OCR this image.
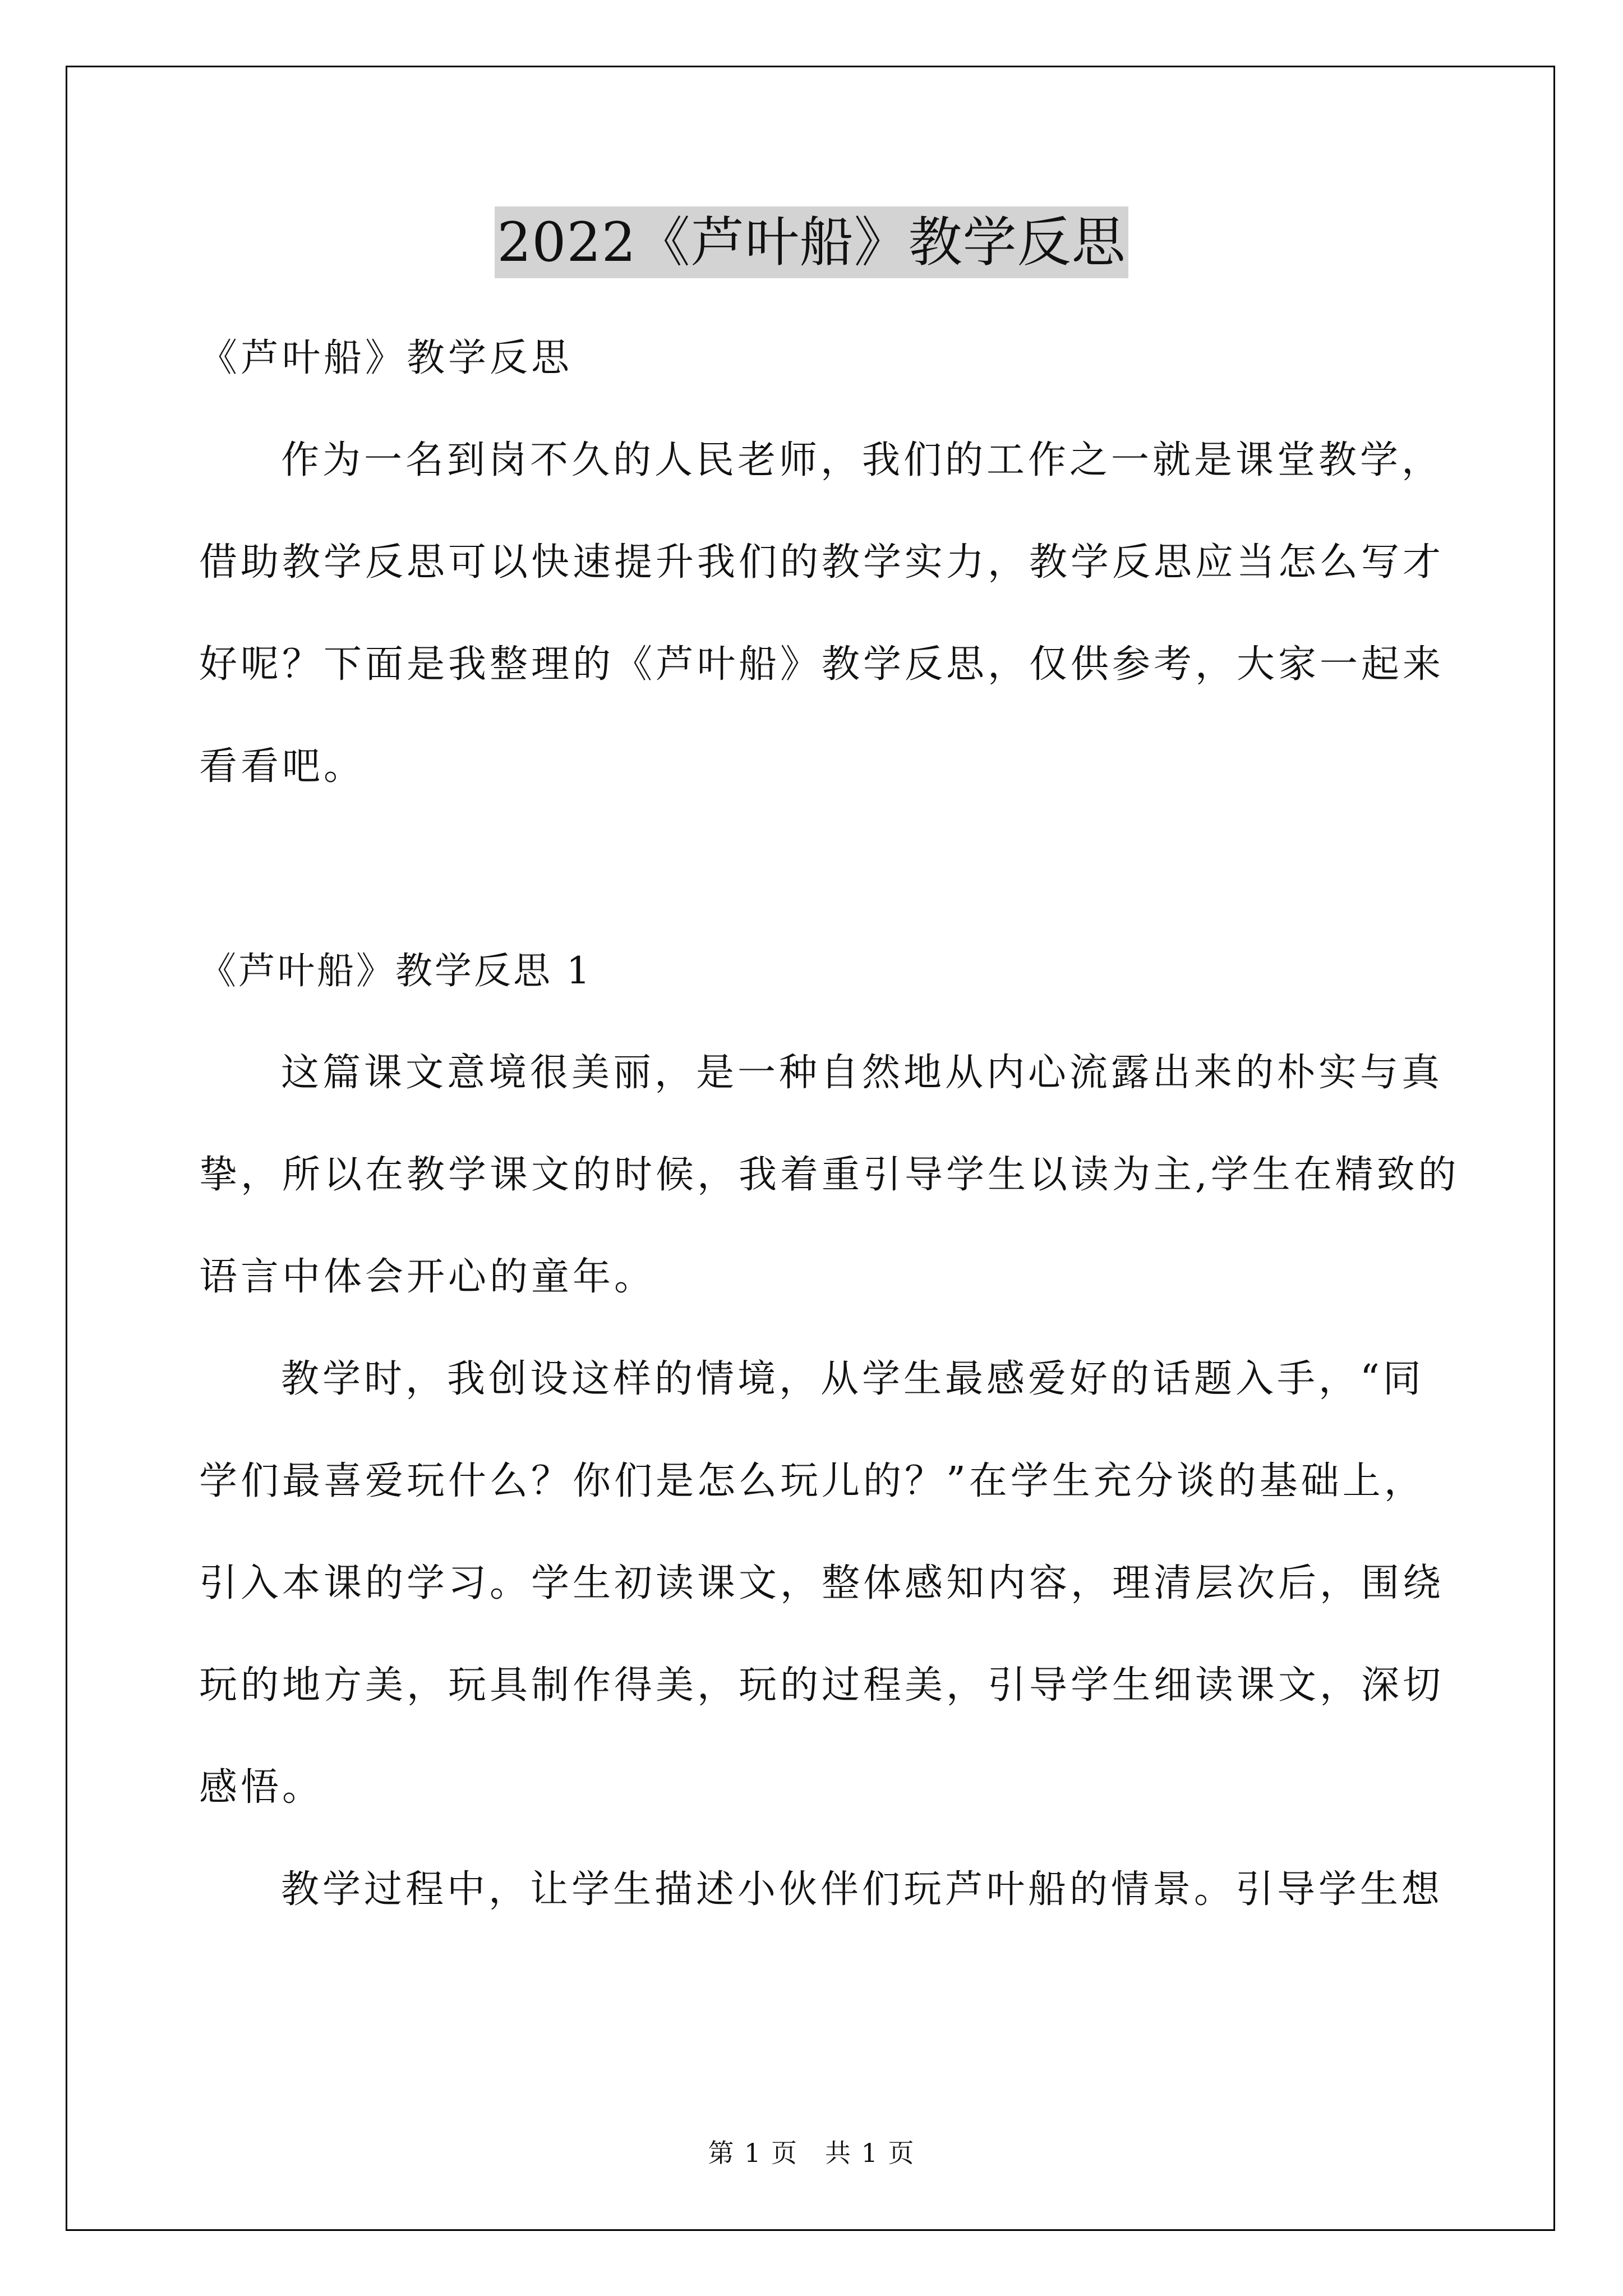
2022《芦叶船》教学反思
《芦叶船》教学反思
作为一名到岗不久的人民老师，我们的工作之一就是课堂教学，
借助教学反思可以快速提升我们的教学实力，教学反思应当怎么写才
好呢？下面是我整理的《芦叶船》教学反思，仅供参考，大家一起来
看看吧。
《芦叶船》教学反思 1
这篇课文意境很美丽，是一种自然地从内心流露出来的朴实与真
挚，所以在教学课文的时候，我着重引导学生以读为主,学生在精致的
语言中体会开心的童年。
教学时，我创设这样的情境，从学生最感爱好的话题入手，“同
学们最喜爱玩什么？你们是怎么玩儿的？”在学生充分谈的基础上，
引入本课的学习。学生初读课文，整体感知内容，理清层次后，围绕
玩的地方美，玩具制作得美，玩的过程美，引导学生细读课文，深切
感悟。
教学过程中，让学生描述小伙伴们玩芦叶船的情景。引导学生想
第 1 页　共 1 页
